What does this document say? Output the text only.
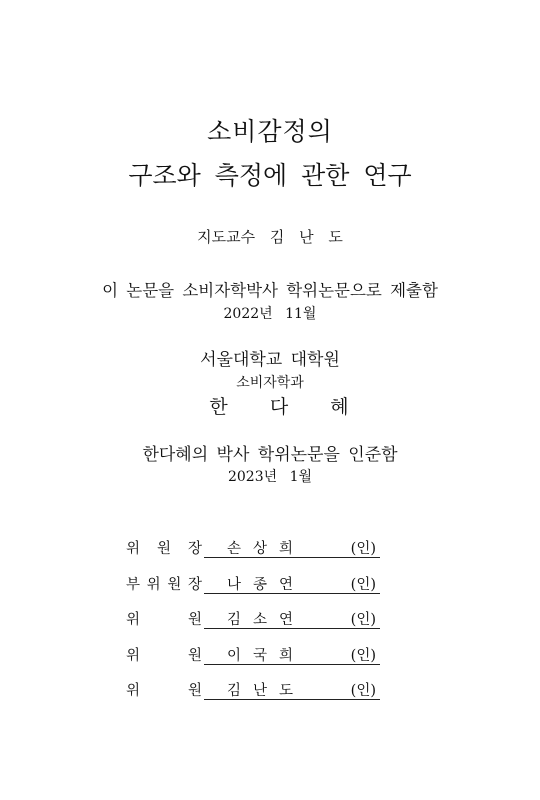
소비감정의
구조와 측정에 관한 연구
지도교수 김 난 도
이 논문을 소비자학박사 학위논문으로 제출함
2022년 11월
서울대학교 대학원
소비자학과
한 다 혜
한다혜의 박사 학위논문을 인준함
2023년 1월
위 원 장	손상희	(인)
부 위 원 장	나종연	(인)
위	원	김소연	(인)
위	원	이국희	(인)
위	원	김난도	(인)
